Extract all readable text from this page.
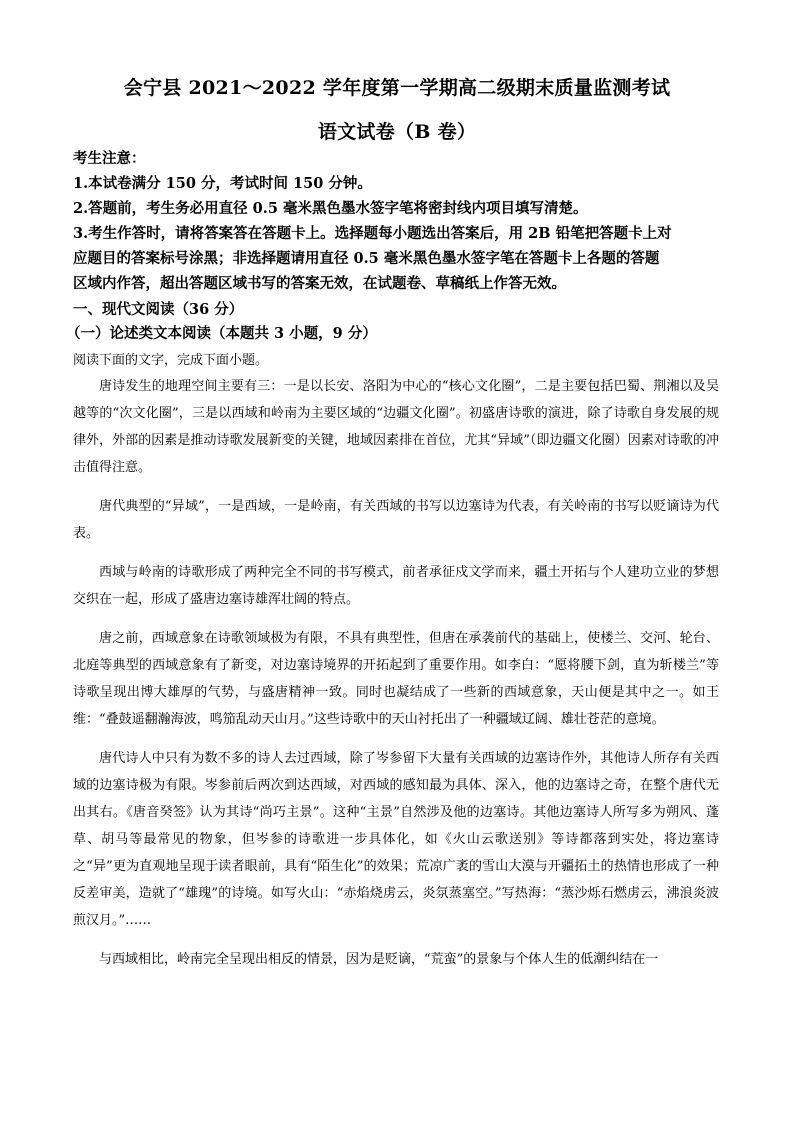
会宁县 2021～2022 学年度第一学期高二级期末质量监测考试
语文试卷（B 卷）

考生注意：

1.本试卷满分 150 分，考试时间 150 分钟。

2.答题前，考生务必用直径 0.5 毫米黑色墨水签字笔将密封线内项目填写清楚。

3.考生作答时，请将答案答在答题卡上。选择题每小题选出答案后，用 2B 铅笔把答题卡上对

应题目的答案标号涂黑；非选择题请用直径 0.5 毫米黑色墨水签字笔在答题卡上各题的答题

区域内作答，超出答题区域书写的答案无效，在试题卷、草稿纸上作答无效。

一、现代文阅读（36 分）
（一）论述类文本阅读（本题共 3 小题，9 分）
阅读下面的文字，完成下面小题。

唐诗发生的地理空间主要有三：一是以长安、洛阳为中心的“核心文化圈”，二是主要包括巴蜀、荆湘以及吴越等的“次文化圈”，三是以西域和岭南为主要区域的“边疆文化圈”。初盛唐诗歌的演进，除了诗歌自身发展的规律外，外部的因素是推动诗歌发展新变的关键，地域因素排在首位，尤其“异域”（即边疆文化圈）因素对诗歌的冲击值得注意。

唐代典型的“异域”，一是西域，一是岭南，有关西域的书写以边塞诗为代表，有关岭南的书写以贬谪诗为代表。

西域与岭南的诗歌形成了两种完全不同的书写模式，前者承征戍文学而来，疆土开拓与个人建功立业的梦想交织在一起，形成了盛唐边塞诗雄浑壮阔的特点。

唐之前，西域意象在诗歌领域极为有限，不具有典型性，但唐在承袭前代的基础上，使楼兰、交河、轮台、北庭等典型的西域意象有了新变，对边塞诗境界的开拓起到了重要作用。如李白：“愿将腰下剑，直为斩楼兰”等诗歌呈现出博大雄厚的气势，与盛唐精神一致。同时也凝结成了一些新的西域意象，天山便是其中之一。如王维：“叠鼓遥翻瀚海波，鸣笳乱动天山月。”这些诗歌中的天山衬托出了一种疆域辽阔、雄壮苍茫的意境。

唐代诗人中只有为数不多的诗人去过西域，除了岑参留下大量有关西域的边塞诗作外，其他诗人所存有关西域的边塞诗极为有限。岑参前后两次到达西域，对西域的感知最为具体、深入，他的边塞诗之奇，在整个唐代无出其右。《唐音癸签》认为其诗“尚巧主景”。这种“主景”自然涉及他的边塞诗。其他边塞诗人所写多为朔风、蓬草、胡马等最常见的物象，但岑参的诗歌进一步具体化，如《火山云歌送别》等诗都落到实处，将边塞诗之“异”更为直观地呈现于读者眼前，具有“陌生化”的效果；荒凉广袤的雪山大漠与开疆拓土的热情也形成了一种反差审美，造就了“雄瑰”的诗境。如写火山：“赤焰烧虏云，炎氛蒸塞空。”写热海：“蒸沙烁石燃虏云，沸浪炎波煎汉月。”……

与西域相比，岭南完全呈现出相反的情景，因为是贬谪，“荒蛮”的景象与个体人生的低潮纠结在一
